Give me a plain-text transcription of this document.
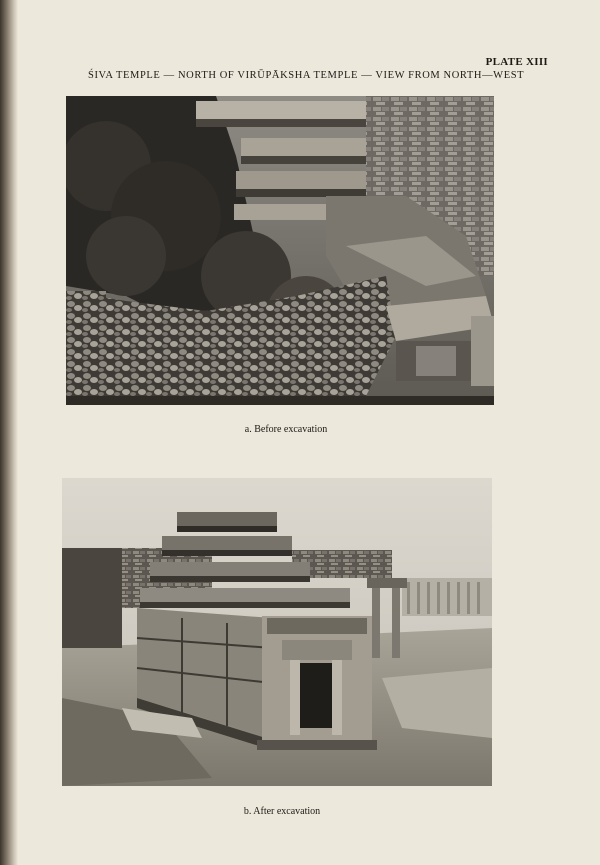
PLATE XIII
ŚIVA TEMPLE — NORTH OF VIRŪPĀKSHA TEMPLE — VIEW FROM NORTH—WEST
a. Before excavation
b. After excavation
